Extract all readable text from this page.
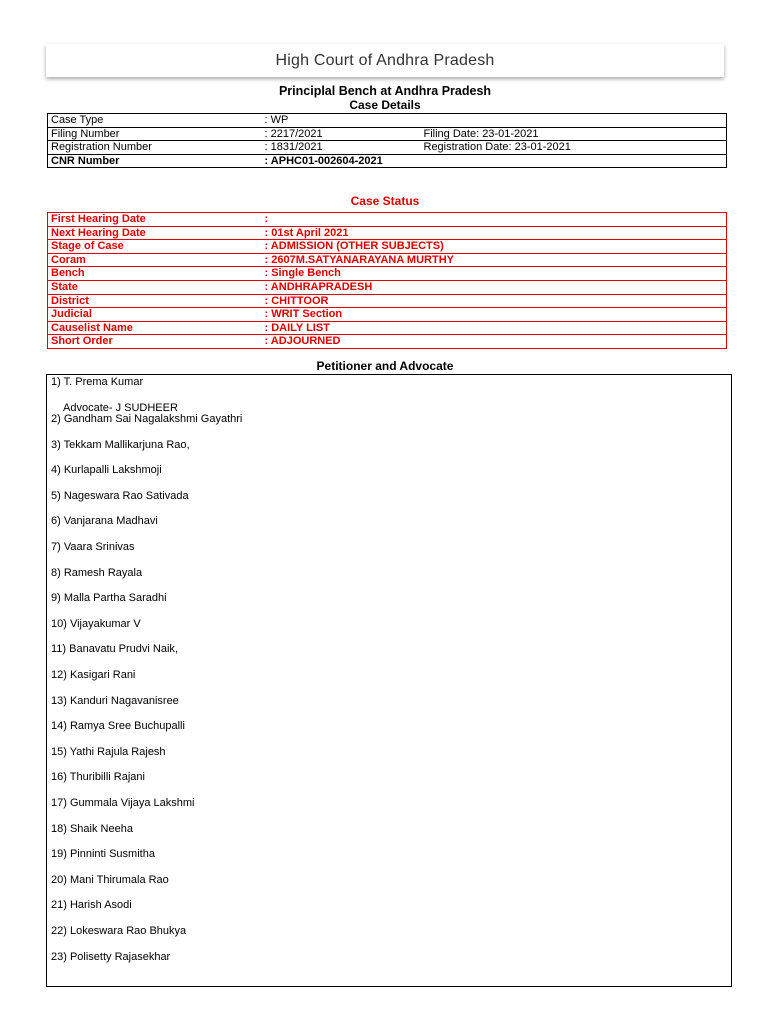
High Court of Andhra Pradesh
Principlal Bench at Andhra Pradesh
Case Details
Case Type	: WP	
Filing Number	: 2217/2021	Filing Date: 23-01-2021
Registration Number	: 1831/2021	Registration Date: 23-01-2021
CNR Number	: APHC01-002604-2021	
Case Status
First Hearing Date	:
Next Hearing Date	: 01st April 2021
Stage of Case	: ADMISSION (OTHER SUBJECTS)
Coram	: 2607M.SATYANARAYANA MURTHY
Bench	: Single Bench
State	: ANDHRAPRADESH
District	: CHITTOOR
Judicial	: WRIT Section
Causelist Name	: DAILY LIST
Short Order	: ADJOURNED
Petitioner and Advocate
1) T. Prema Kumar
Advocate- J SUDHEER
2) Gandham Sai Nagalakshmi Gayathri
3) Tekkam Mallikarjuna Rao,
4) Kurlapalli Lakshmoji
5) Nageswara Rao Sativada
6) Vanjarana Madhavi
7) Vaara Srinivas
8) Ramesh Rayala
9) Malla Partha Saradhi
10) Vijayakumar V
11) Banavatu Prudvi Naik,
12) Kasigari Rani
13) Kanduri Nagavanisree
14) Ramya Sree Buchupalli
15) Yathi Rajula Rajesh
16) Thuribilli Rajani
17) Gummala Vijaya Lakshmi
18) Shaik Neeha
19) Pinninti Susmitha
20) Mani Thirumala Rao
21) Harish Asodi
22) Lokeswara Rao Bhukya
23) Polisetty Rajasekhar
